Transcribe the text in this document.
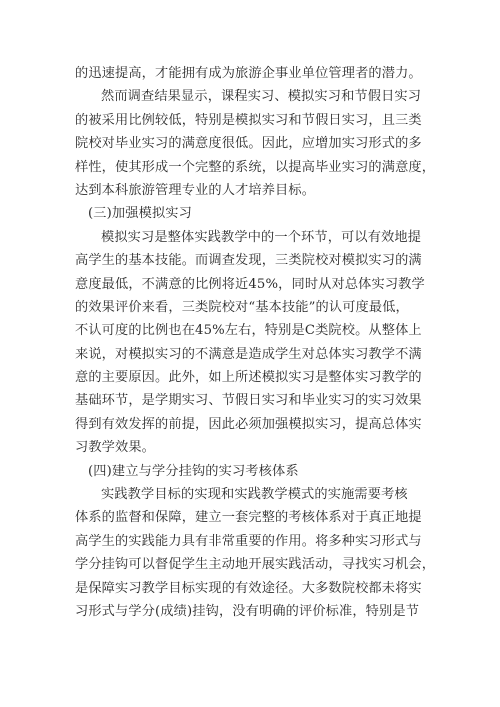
的迅速提高，才能拥有成为旅游企事业单位管理者的潜力。
然而调查结果显示，课程实习、模拟实习和节假日实习
的被采用比例较低，特别是模拟实习和节假日实习，且三类
院校对毕业实习的满意度很低。因此，应增加实习形式的多
样性，使其形成一个完整的系统，以提高毕业实习的满意度，
达到本科旅游管理专业的人才培养目标。
(三)加强模拟实习
模拟实习是整体实践教学中的一个环节，可以有效地提
高学生的基本技能。而调查发现，三类院校对模拟实习的满
意度最低，不满意的比例将近45%，同时从对总体实习教学
的效果评价来看，三类院校对“基本技能”的认可度最低，
不认可度的比例也在45%左右，特别是C类院校。从整体上
来说，对模拟实习的不满意是造成学生对总体实习教学不满
意的主要原因。此外，如上所述模拟实习是整体实习教学的
基础环节，是学期实习、节假日实习和毕业实习的实习效果
得到有效发挥的前提，因此必须加强模拟实习，提高总体实
习教学效果。
(四)建立与学分挂钩的实习考核体系
实践教学目标的实现和实践教学模式的实施需要考核
体系的监督和保障，建立一套完整的考核体系对于真正地提
高学生的实践能力具有非常重要的作用。将多种实习形式与
学分挂钩可以督促学生主动地开展实践活动，寻找实习机会，
是保障实习教学目标实现的有效途径。大多数院校都未将实
习形式与学分(成绩)挂钩，没有明确的评价标准，特别是节
